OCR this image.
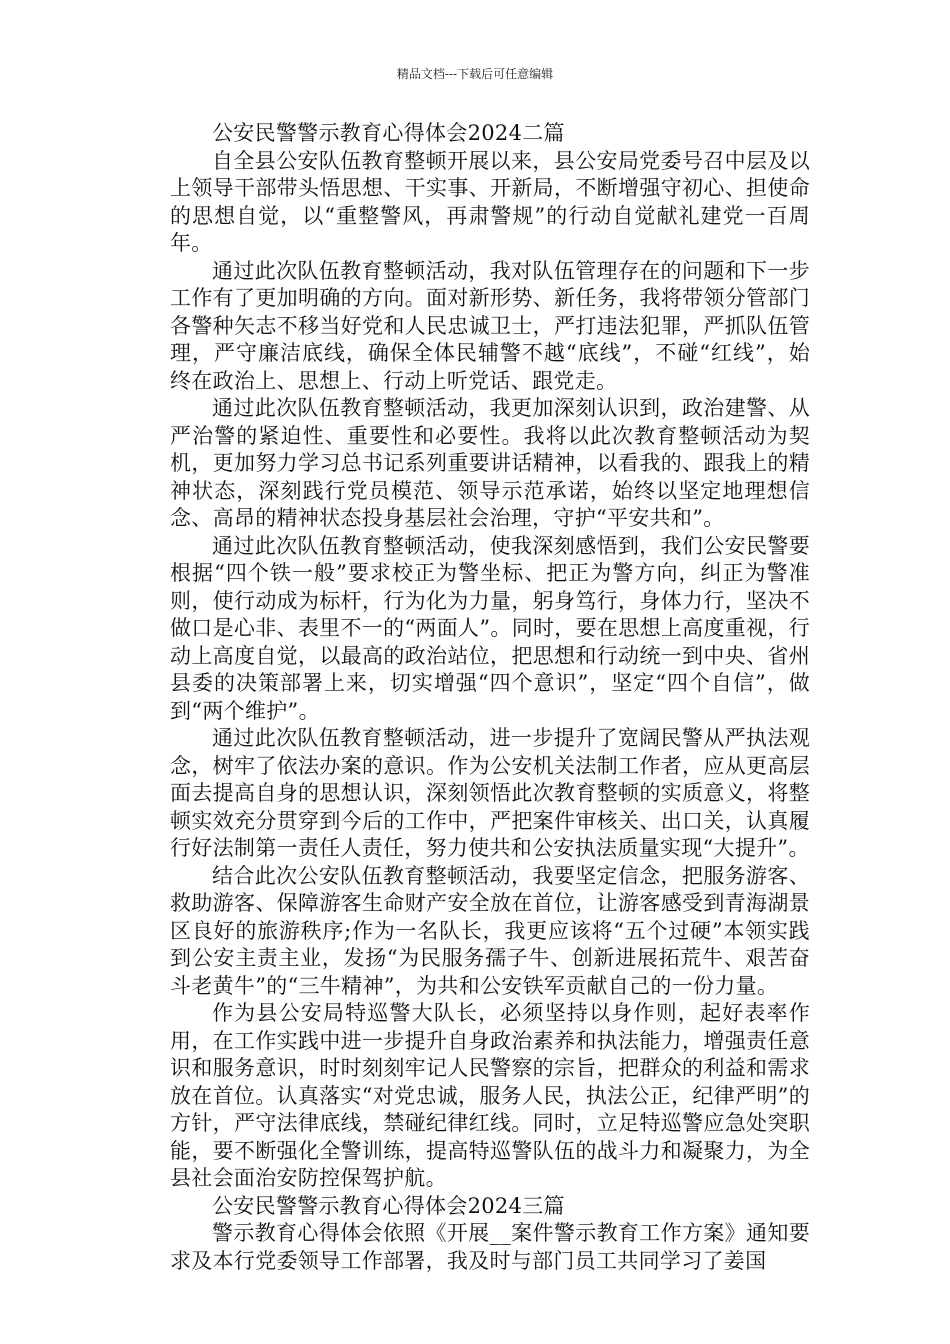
精品文档---下载后可任意编辑

公安民警警示教育心得体会2024二篇

自全县公安队伍教育整顿开展以来，县公安局党委号召中层及以上领导干部带头悟思想、干实事、开新局，不断增强守初心、担使命的思想自觉，以“重整警风，再肃警规”的行动自觉献礼建党一百周年。

通过此次队伍教育整顿活动，我对队伍管理存在的问题和下一步工作有了更加明确的方向。面对新形势、新任务，我将带领分管部门各警种矢志不移当好党和人民忠诚卫士，严打违法犯罪，严抓队伍管理，严守廉洁底线，确保全体民辅警不越“底线”，不碰“红线”，始终在政治上、思想上、行动上听党话、跟党走。

通过此次队伍教育整顿活动，我更加深刻认识到，政治建警、从严治警的紧迫性、重要性和必要性。我将以此次教育整顿活动为契机，更加努力学习总书记系列重要讲话精神，以看我的、跟我上的精神状态，深刻践行党员模范、领导示范承诺，始终以坚定地理想信念、高昂的精神状态投身基层社会治理，守护“平安共和”。

通过此次队伍教育整顿活动，使我深刻感悟到，我们公安民警要根据“四个铁一般”要求校正为警坐标、把正为警方向，纠正为警准则，使行动成为标杆，行为化为力量，躬身笃行，身体力行，坚决不做口是心非、表里不一的“两面人”。同时，要在思想上高度重视，行动上高度自觉，以最高的政治站位，把思想和行动统一到中央、省州县委的决策部署上来，切实增强“四个意识”，坚定“四个自信”，做到“两个维护”。

通过此次队伍教育整顿活动，进一步提升了宽阔民警从严执法观念，树牢了依法办案的意识。作为公安机关法制工作者，应从更高层面去提高自身的思想认识，深刻领悟此次教育整顿的实质意义，将整顿实效充分贯穿到今后的工作中，严把案件审核关、出口关，认真履行好法制第一责任人责任，努力使共和公安执法质量实现“大提升”。

结合此次公安队伍教育整顿活动，我要坚定信念，把服务游客、救助游客、保障游客生命财产安全放在首位，让游客感受到青海湖景区良好的旅游秩序;作为一名队长，我更应该将“五个过硬”本领实践到公安主责主业，发扬“为民服务孺子牛、创新进展拓荒牛、艰苦奋斗老黄牛”的“三牛精神”，为共和公安铁军贡献自己的一份力量。

作为县公安局特巡警大队长，必须坚持以身作则，起好表率作用，在工作实践中进一步提升自身政治素养和执法能力，增强责任意识和服务意识，时时刻刻牢记人民警察的宗旨，把群众的利益和需求放在首位。认真落实“对党忠诚，服务人民，执法公正，纪律严明”的方针，严守法律底线，禁碰纪律红线。同时，立足特巡警应急处突职能，要不断强化全警训练，提高特巡警队伍的战斗力和凝聚力，为全县社会面治安防控保驾护航。

公安民警警示教育心得体会2024三篇

警示教育心得体会依照《开展__案件警示教育工作方案》通知要求及本行党委领导工作部署，我及时与部门员工共同学习了姜国
